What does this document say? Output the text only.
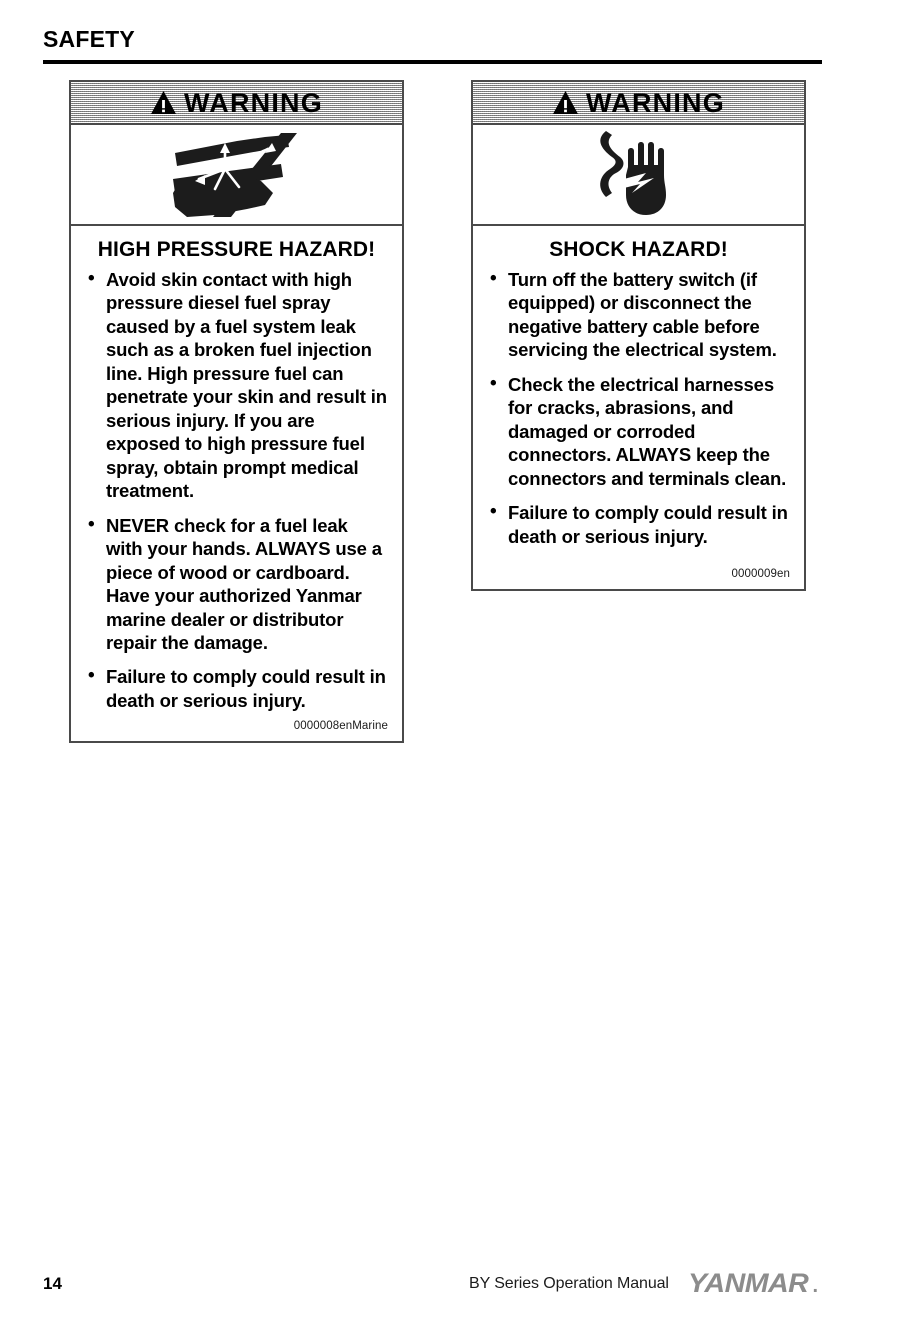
SAFETY
WARNING
HIGH PRESSURE HAZARD!
• Avoid skin contact with high pressure diesel fuel spray caused by a fuel system leak such as a broken fuel injection line. High pressure fuel can penetrate your skin and result in serious injury. If you are exposed to high pressure fuel spray, obtain prompt medical treatment.
• NEVER check for a fuel leak with your hands. ALWAYS use a piece of wood or cardboard. Have your authorized Yanmar marine dealer or distributor repair the damage.
• Failure to comply could result in death or serious injury.
0000008enMarine
WARNING
SHOCK HAZARD!
• Turn off the battery switch (if equipped) or disconnect the negative battery cable before servicing the electrical system.
• Check the electrical harnesses for cracks, abrasions, and damaged or corroded connectors. ALWAYS keep the connectors and terminals clean.
• Failure to comply could result in death or serious injury.
0000009en
14	BY Series Operation Manual YANMAR .
